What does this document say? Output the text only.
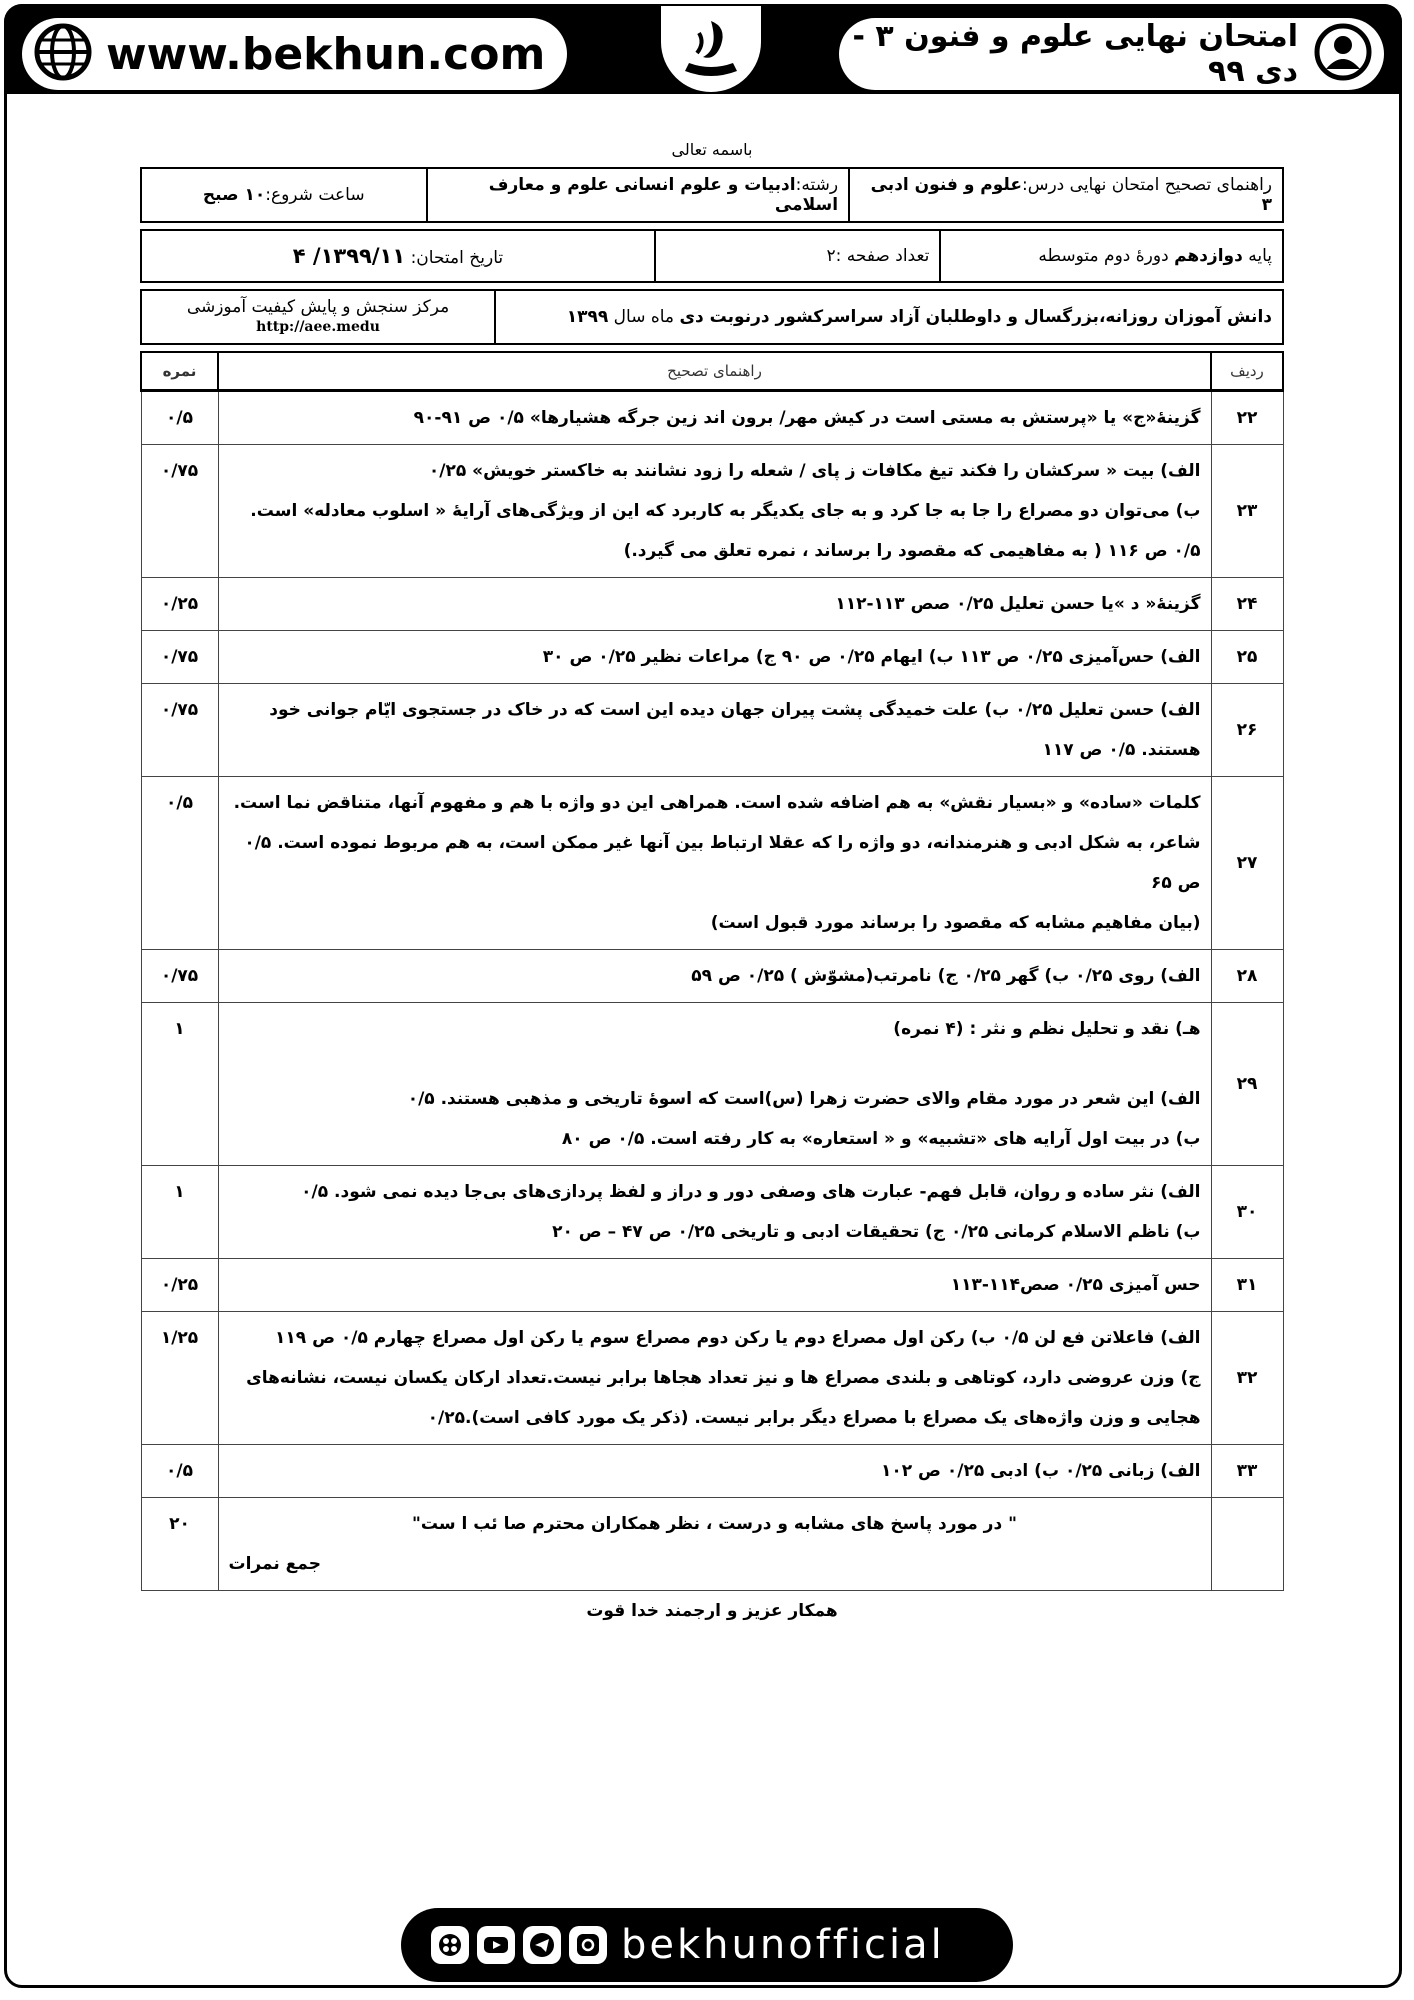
www.bekhun.com	امتحان نهایی علوم و فنون ۳ - دی ۹۹
باسمه تعالی
راهنمای تصحیح امتحان نهایی درس:علوم و فنون ادبی ۳	رشته:ادبیات و علوم انسانی علوم و معارف اسلامی	ساعت شروع:۱۰ صبح
پایه دوازدهم دورهٔ دوم متوسطه	تعداد صفحه :۲	تاریخ امتحان: ۱۳۹۹/۱۱/ ۴
دانش آموزان روزانه،بزرگسال و داوطلبان آزاد سراسرکشور درنوبت دی ماه سال ۱۳۹۹	مرکز سنجش و پایش کیفیت آموزشی
http://aee.medu
ردیف	راهنمای تصحیح	نمره
۲۲	گزینهٔ«ج» یا «پرستش به مستی است در کیش مهر/ برون اند زین جرگه هشیارها» ۰/۵ ص ۹۱-۹۰	۰/۵
۲۳	الف) بیت « سرکشان را فکند تیغ مکافات ز پای / شعله را زود نشانند به خاکستر خویش» ۰/۲۵
ب) می‌توان دو مصراع را جا به جا کرد و به جای یکدیگر به کاربرد که این از ویژگی‌های آرایهٔ « اسلوب معادله» است.
۰/۵ ص ۱۱۶ ( به مفاهیمی که مقصود را برساند ، نمره تعلق می گیرد.)	۰/۷۵
۲۴	گزینهٔ« د »یا حسن تعلیل ۰/۲۵ صص ۱۱۳-۱۱۲	۰/۲۵
۲۵	الف) حس‌آمیزی ۰/۲۵ ص ۱۱۳ ب) ایهام ۰/۲۵ ص ۹۰ ج) مراعات نظیر ۰/۲۵ ص ۳۰	۰/۷۵
۲۶	الف) حسن تعلیل ۰/۲۵ ب) علت خمیدگی پشت پیران جهان دیده این است که در خاک در جستجوی ایّام جوانی خود
هستند. ۰/۵ ص ۱۱۷	۰/۷۵
۲۷	کلمات «ساده» و «بسیار نقش» به هم اضافه شده است. همراهی این دو واژه با هم و مفهوم آنها، متناقض نما است.
شاعر، به شکل ادبی و هنرمندانه، دو واژه را که عقلا ارتباط بین آنها غیر ممکن است، به هم مربوط نموده است. ۰/۵ ص ۶۵
(بیان مفاهیم مشابه که مقصود را برساند مورد قبول است)	۰/۵
۲۸	الف) روی ۰/۲۵ ب) گهر ۰/۲۵ ج) نامرتب(مشوّش ) ۰/۲۵ ص ۵۹	۰/۷۵
۲۹	هـ) نقد و تحلیل نظم و نثر : (۴ نمره)
الف) این شعر در مورد مقام والای حضرت زهرا (س)است که اسوهٔ تاریخی و مذهبی هستند. ۰/۵
ب) در بیت اول آرایه های «تشبیه» و « استعاره» به کار رفته است. ۰/۵ ص ۸۰	۱
۳۰	الف) نثر ساده و روان، قابل فهم- عبارت های وصفی دور و دراز و لفظ پردازی‌های بی‌جا دیده نمی شود. ۰/۵
ب) ناظم الاسلام کرمانی ۰/۲۵ ج) تحقیقات ادبی و تاریخی ۰/۲۵ ص ۴۷ – ص ۲۰	۱
۳۱	حس آمیزی ۰/۲۵ صص۱۱۴-۱۱۳	۰/۲۵
۳۲	الف) فاعلاتن فع لن ۰/۵ ب) رکن اول مصراع دوم یا رکن دوم مصراع سوم یا رکن اول مصراع چهارم ۰/۵ ص ۱۱۹
ج) وزن عروضی دارد، کوتاهی و بلندی مصراع ها و نیز تعداد هجاها برابر نیست.تعداد ارکان یکسان نیست، نشانه‌های
هجایی و وزن واژه‌های یک مصراع با مصراع دیگر برابر نیست. (ذکر یک مورد کافی است).۰/۲۵	۱/۲۵
۳۳	الف) زبانی ۰/۲۵ ب) ادبی ۰/۲۵ ص ۱۰۲	۰/۵

	" در مورد پاسخ های مشابه و درست ، نظر همکاران محترم صا ئب ا ست"
جمع نمرات	۲۰
همکار عزیز و ارجمند خدا قوت
bekhunofficial
